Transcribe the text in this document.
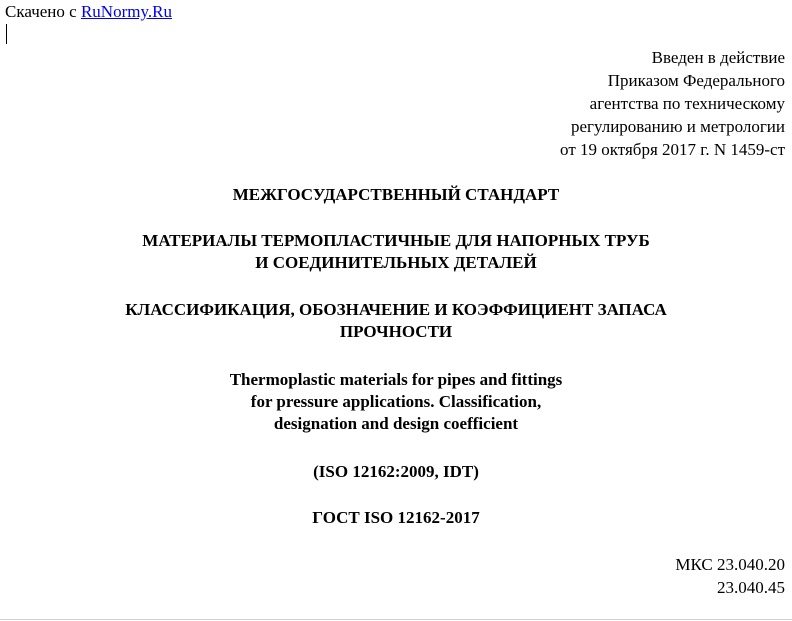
Скачено с RuNormy.Ru
Введен в действие
Приказом Федерального
агентства по техническому
регулированию и метрологии
от 19 октября 2017 г. N 1459-ст
МЕЖГОСУДАРСТВЕННЫЙ СТАНДАРТ
МАТЕРИАЛЫ ТЕРМОПЛАСТИЧНЫЕ ДЛЯ НАПОРНЫХ ТРУБ
И СОЕДИНИТЕЛЬНЫХ ДЕТАЛЕЙ
КЛАССИФИКАЦИЯ, ОБОЗНАЧЕНИЕ И КОЭФФИЦИЕНТ ЗАПАСА
ПРОЧНОСТИ
Thermoplastic materials for pipes and fittings
for pressure applications. Classification,
designation and design coefficient
(ISO 12162:2009, IDT)
ГОСТ ISO 12162-2017
МКС 23.040.20
23.040.45
